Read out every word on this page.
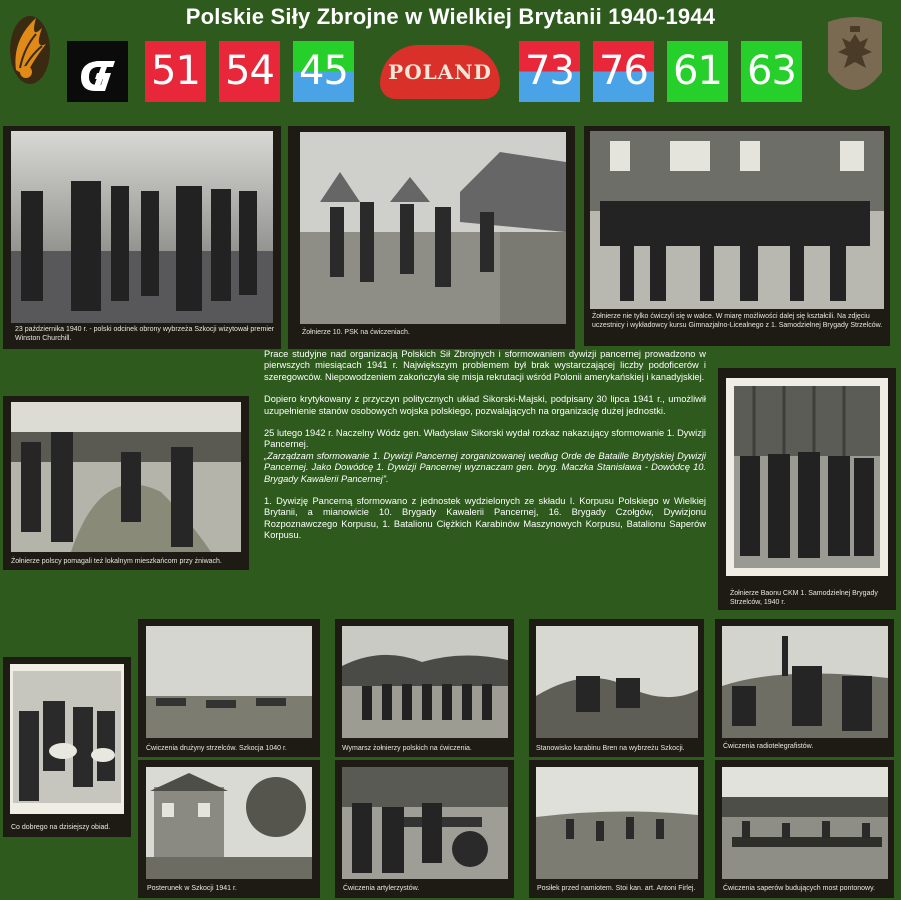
Polskie Siły Zbrojne w Wielkiej Brytanii 1940-1944
51 54 45	POLAND 73 76 61 63
23 października 1940 r. - polski odcinek obrony wybrzeża Szkocji wizytował premier Winston Churchill.
Żołnierze 10. PSK na ćwiczeniach.
Żołnierze nie tylko ćwiczyli się w walce. W miarę możliwości dalej się kształcili. Na zdjęciu uczestnicy i wykładowcy kursu Gimnazjalno-Licealnego z 1. Samodzielnej Brygady Strzelców.
Żołnierze polscy pomagali też lokalnym mieszkańcom przy żniwach.

Prace studyjne nad organizacją Polskich Sił Zbrojnych i sformowaniem dywizji pancernej prowadzono w pierwszych miesiącach 1941 r. Największym problemem był brak wystarczającej liczby podoficerów i szeregowców. Niepowodzeniem zakończyła się misja rekrutacji wśród Polonii amerykańskiej i kanadyjskiej.

Dopiero krytykowany z przyczyn politycznych układ Sikorski-Majski, podpisany 30 lipca 1941 r., umożliwił uzupełnienie stanów osobowych wojska polskiego, pozwalających na organizację dużej jednostki.

25 lutego 1942 r. Naczelny Wódz gen. Władysław Sikorski wydał rozkaz nakazujący sformowanie 1. Dywizji Pancernej.

„Zarządzam sformowanie 1. Dywizji Pancernej zorganizowanej według Orde de Bataille Brytyjskiej Dywizji Pancernej. Jako Dowódcę 1. Dywizji Pancernej wyznaczam gen. bryg. Maczka Stanisława - Dowódcę 10. Brygady Kawalerii Pancernej”.

1. Dywizję Pancerną sformowano z jednostek wydzielonych ze składu I. Korpusu Polskiego w Wielkiej Brytanii, a mianowicie 10. Brygady Kawalerii Pancernej, 16. Brygady Czołgów, Dywizjonu Rozpoznawczego Korpusu, 1. Batalionu Ciężkich Karabinów Maszynowych Korpusu, Batalionu Saperów Korpusu.

Żołnierze Baonu CKM 1. Samodzielnej Brygady Strzelców, 1940 r.
Co dobrego na dzisiejszy obiad.
Ćwiczenia drużyny strzelców. Szkocja 1040 r.	Wymarsz żołnierzy polskich na ćwiczenia.	Stanowisko karabinu Bren na wybrzeżu Szkocji.	Ćwiczenia radiotelegrafistów.
Posterunek w Szkocji 1941 r.	Ćwiczenia artylerzystów.	Posiłek przed namiotem. Stoi kan. art. Antoni Firlej.	Ćwiczenia saperów budujących most pontonowy.
